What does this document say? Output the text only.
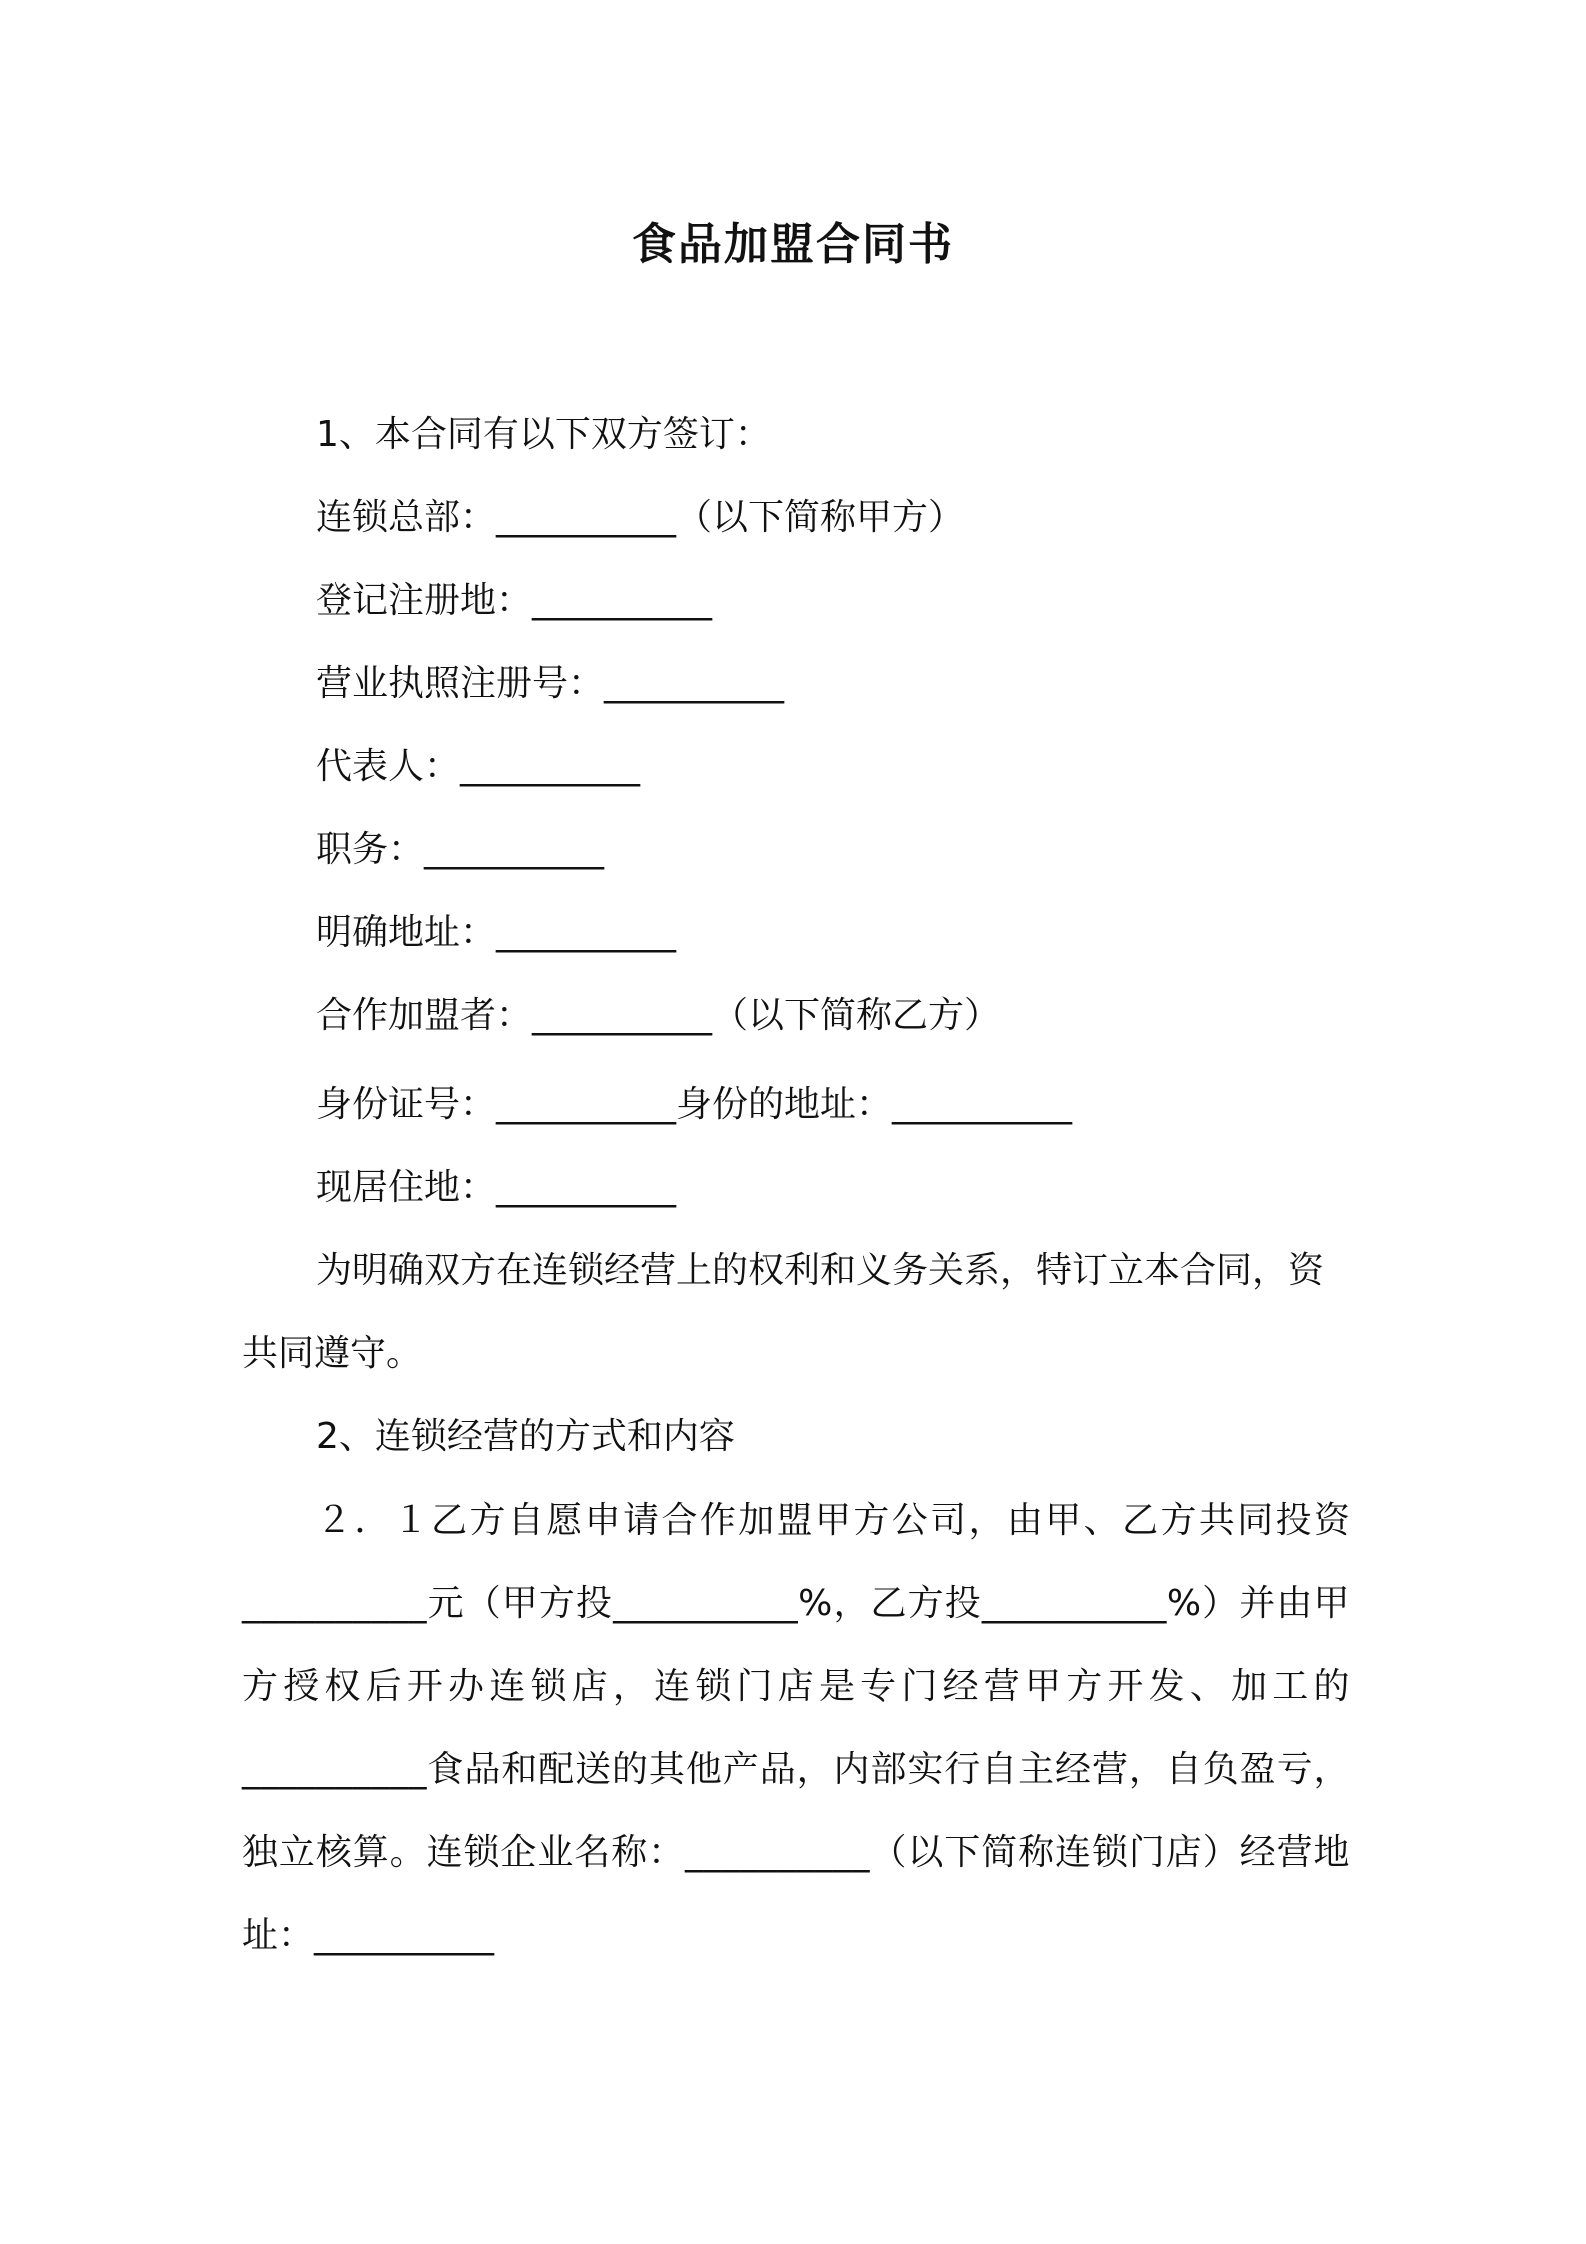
食品加盟合同书

1、本合同有以下双方签订：

连锁总部：__________（以下简称甲方）

登记注册地：__________

营业执照注册号：__________

代表人：__________

职务：__________

明确地址：__________

合作加盟者：__________（以下简称乙方）

身份证号：__________身份的地址：__________

现居住地：__________

为明确双方在连锁经营上的权利和义务关系，特订立本合同，资

共同遵守。

2、连锁经营的方式和内容

２．１乙方自愿申请合作加盟甲方公司，由甲、乙方共同投资

__________元（甲方投__________%，乙方投__________%）并由甲

方授权后开办连锁店，连锁门店是专门经营甲方开发、加工的

__________食品和配送的其他产品，内部实行自主经营，自负盈亏，

独立核算。连锁企业名称：__________（以下简称连锁门店）经营地

址：__________
